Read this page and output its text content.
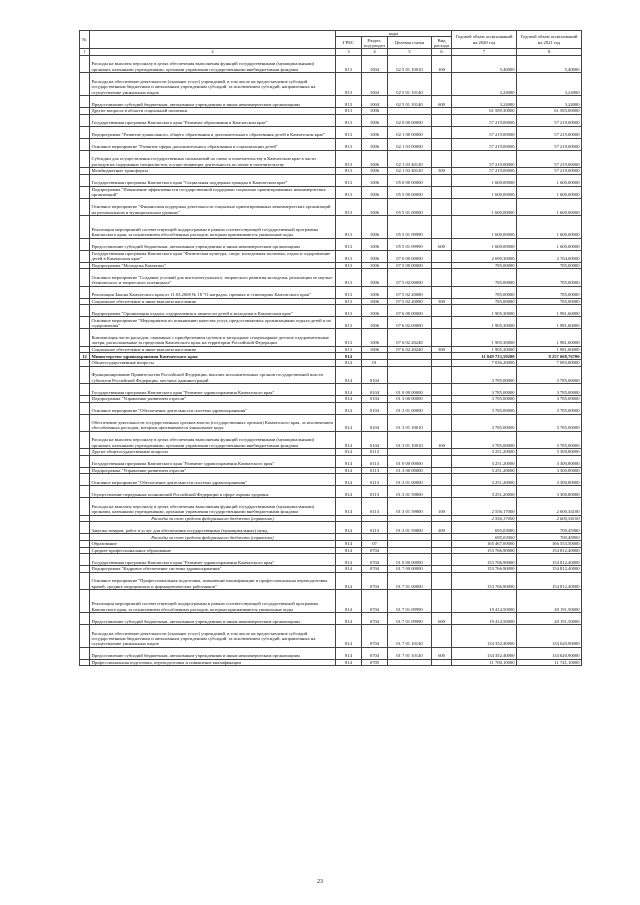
№		коды				Годовой объем ассигнований на 2020 год	Годовой объем ассигнований на 2021 год
		ГРБС	Раздел, под-раздел	Целевая статья	Вид расхода		
1	2	3	4	5	6	7	8
	Расходы на выплаты персоналу в целях обеспечения выполнения функций государственными (муниципальными) органами, казенными учреждениями, органами управления государственными внебюджетными фондами	813	1004	02 5 01 10010	100	5,40000	5,40000
	Расходы на обеспечение деятельности (оказание услуг) учреждений, в том числе на предоставление субсидий государственным бюджетным и автономным учреждениям субсидий, за исключением субсидий, направленных на осуществление уникальных видов	813	1004	02 5 01 10140		3,24000	3,24000
	Предоставление субсидий бюджетным, автономным учреждениям и иным некоммерческим организациям	813	1004	02 5 01 10140	600	3,24000	3,24000
	Другие вопросы в области социальной политики	813	1006			61 589,30000	61 583,00000
	Государственная программа Камчатского края "Развитие образования в Камчатском крае"	813	1006	02 0 00 00000		57 219,00000	57 219,00000
	Подпрограмма "Развитие дошкольного, общего образования и дополнительного образования детей в Камчатском крае"	813	1006	02 1 00 00000		57 219,00000	57 219,00000
	Основное мероприятие "Развитие сферы дополнительного образования и социализации детей"	813	1006	02 1 03 00000		57 219,00000	57 219,00000
	Субсидии для осуществления государственных полномочий по опеке и попечительству в Камчатском крае в части расходов на содержание специалистов, осуществляющих деятельность по опеке и попечительству	813	1006	02 1 03 40120		57 219,00000	57 219,00000
	Межбюджетные трансферты	813	1006	02 1 03 40120	500	57 219,00000	57 219,00000
	Государственная программа Камчатского края "Социальная поддержка граждан в Камчатском крае"	813	1006	05 0 00 00000		1 600,00000	1 600,00000
	Подпрограмма "Повышение эффективности государственной поддержки социально ориентированных некоммерческих организаций"	813	1006	05 5 00 00000		1 600,00000	1 600,00000
	Основное мероприятие "Финансовая поддержка деятельности социально ориентированных некоммерческих организаций на региональном и муниципальном уровнях"	813	1006	05 5 01 00000		1 600,00000	1 600,00000
	Реализация мероприятий соответствующей подпрограммы в рамках соответствующей государственной программы Камчатского края, за исключением обособленных расходов, которым присваиваются уникальные коды	813	1006	05 5 01 09990		1 600,00000	1 600,00000
	Предоставление субсидий бюджетным, автономным учреждениям и иным некоммерческим организациям	813	1006	05 5 01 09990	600	1 600,00000	1 600,00000
	Государственная программа Камчатского края "Физическая культура, спорт, молодежная политика, отдых и оздоровление детей в Камчатском крае"	813	1006	07 0 00 00000		2 690,30000	2 764,00000
	Подпрограмма "Молодежь Камчатки"	813	1006	07 5 00 00000		785,00000	785,00000
	Основное мероприятие "Создание условий для интеллектуального, творческого развития молодежи, реализации ее научно-технического и творческого потенциала"	813	1006	07 5 02 00000		785,00000	785,00000
	Реализация Закона Камчатского края от 11.03.2008 № 18 "О наградах, премиях и стипендиях Камчатского края"	813	1006	07 5 02 20080		785,00000	785,00000
	Социальное обеспечение и иные выплаты населению	813	1006	07 5 02 20080	300	785,00000	785,00000
	Подпрограмма "Организация отдыха, оздоровления и занятости детей и молодежи в Камчатском крае"	813	1006	07 6 00 00000		1 905,30000	1 981,60000
	Основное мероприятие "Мероприятия по повышению качества услуг, предоставляемых организациями отдыха детей и их оздоровления"	813	1006	07 6 02 00000		1 905,30000	1 981,60000
	Компенсация части расходов, связанных с приобретением путевок в загородные стационарные детские оздоровительные лагеря, расположенные за пределами Камчатского края, на территории Российской Федерации	813	1006	07 6 02 20240		1 905,30000	1 981,60000
	Социальное обеспечение и иные выплаты населению	813	1006	07 6 02 20240	300	1 905,30000	1 981,60000
12	Министерство здравоохранения Камчатского края	814				11 049 733,59200	8 257 668,76700
	Общегосударственные вопросы	814	01			7 036,20000	7 085,80000
	Функционирование Правительства Российской Федерации, высших исполнительных органов государственной власти субъектов Российской Федерации, местных администраций	814	0104			3 785,00000	3 785,00000
	Государственная программа Камчатского края "Развитие здравоохранения Камчатского края"	814	0104	01 0 00 00000		3 785,00000	3 785,00000
	Подпрограмма "Управление развитием отрасли"	814	0104	01 3 00 00000		3 785,00000	3 785,00000
	Основное мероприятие "Обеспечение деятельности системы здравоохранения"	814	0104	01 3 01 00000		3 785,00000	3 785,00000
	Обеспечение деятельности государственных органов власти (государственных органов) Камчатского края, за исключением обособленных расходов, которым присваиваются уникальные коды	814	0104	01 3 01 10010		3 785,00000	3 785,00000
	Расходы на выплаты персоналу в целях обеспечения выполнения функций государственными (муниципальными) органами, казенными учреждениями, органами управления государственными внебюджетными фондами	814	0104	01 3 01 10010	100	3 785,00000	3 785,00000
	Другие общегосударственные вопросы	814	0113			3 251,20000	3 300,80000
	Государственная программа Камчатского края "Развитие здравоохранения Камчатского края"	814	0113	01 0 00 00000		3 251,20000	3 300,80000
	Подпрограмма "Управление развитием отрасли"	814	0113	01 3 00 00000		3 251,20000	3 300,80000
	Основное мероприятие "Обеспечение деятельности системы здравоохранения"	814	0113	01 3 01 00000		3 251,20000	3 300,80000
	Осуществление переданных полномочий Российской Федерации в сфере охраны здоровья	814	0113	01 3 01 59800		3 251,20000	3 300,80000
	Расходы на выплаты персоналу в целях обеспечения выполнения функций государственными (муниципальными) органами, казенными учреждениями, органами управления государственными внебюджетными фондами	814	0113	01 3 01 59800	100	2 556,17000	2 600,34100
	Расходы за счет средств федерального бюджета (справочно)					2 556,17000	2 600,34100
	Закупка товаров, работ и услуг для обеспечения государственных (муниципальных) нужд	814	0113	01 3 01 59800	200	695,03000	700,45900
	Расходы за счет средств федерального бюджета (справочно)					695,03000	700,45900
	Образование	814	07			165 467,00000	166 553,50000
	Среднее профессиональное образование	814	0704			153 766,90000	154 812,40000
	Государственная программа Камчатского края "Развитие здравоохранения Камчатского края"	814	0704	01 0 00 00000		153 766,90000	154 812,40000
	Подпрограмма "Кадровое обеспечение системы здравоохранения"	814	0704	01 7 00 00000		153 766,90000	154 812,40000
	Основное мероприятие "Профессиональная подготовка, повышение квалификации и профессиональная переподготовка врачей, средних медицинских и фармацевтических работников"	814	0704	01 7 01 00000		153 766,90000	154 812,40000
	Реализация мероприятий соответствующей подпрограммы в рамках соответствующей государственной программы Камчатского края, за исключением обособленных расходов, которым присваиваются уникальные коды	814	0704	01 7 01 09990		19 414,50000	20 191,50000
	Предоставление субсидий бюджетным, автономным учреждениям и иным некоммерческим организациям	814	0704	01 7 01 09990	600	19 414,50000	20 191,50000
	Расходы на обеспечение деятельности (оказание услуг) учреждений, в том числе на предоставление субсидий государственным бюджетным и автономным учреждениям субсидий, за исключением субсидий, направленных на осуществление уникальных видов	814	0704	01 7 01 10140		134 352,40000	134 620,90000
	Предоставление субсидий бюджетным, автономным учреждениям и иным некоммерческим организациям	814	0704	01 7 01 10140	600	134 352,40000	134 620,90000
	Профессиональная подготовка, переподготовка и повышение квалификации	814	0705			11 700,10000	11 741,10000
23
